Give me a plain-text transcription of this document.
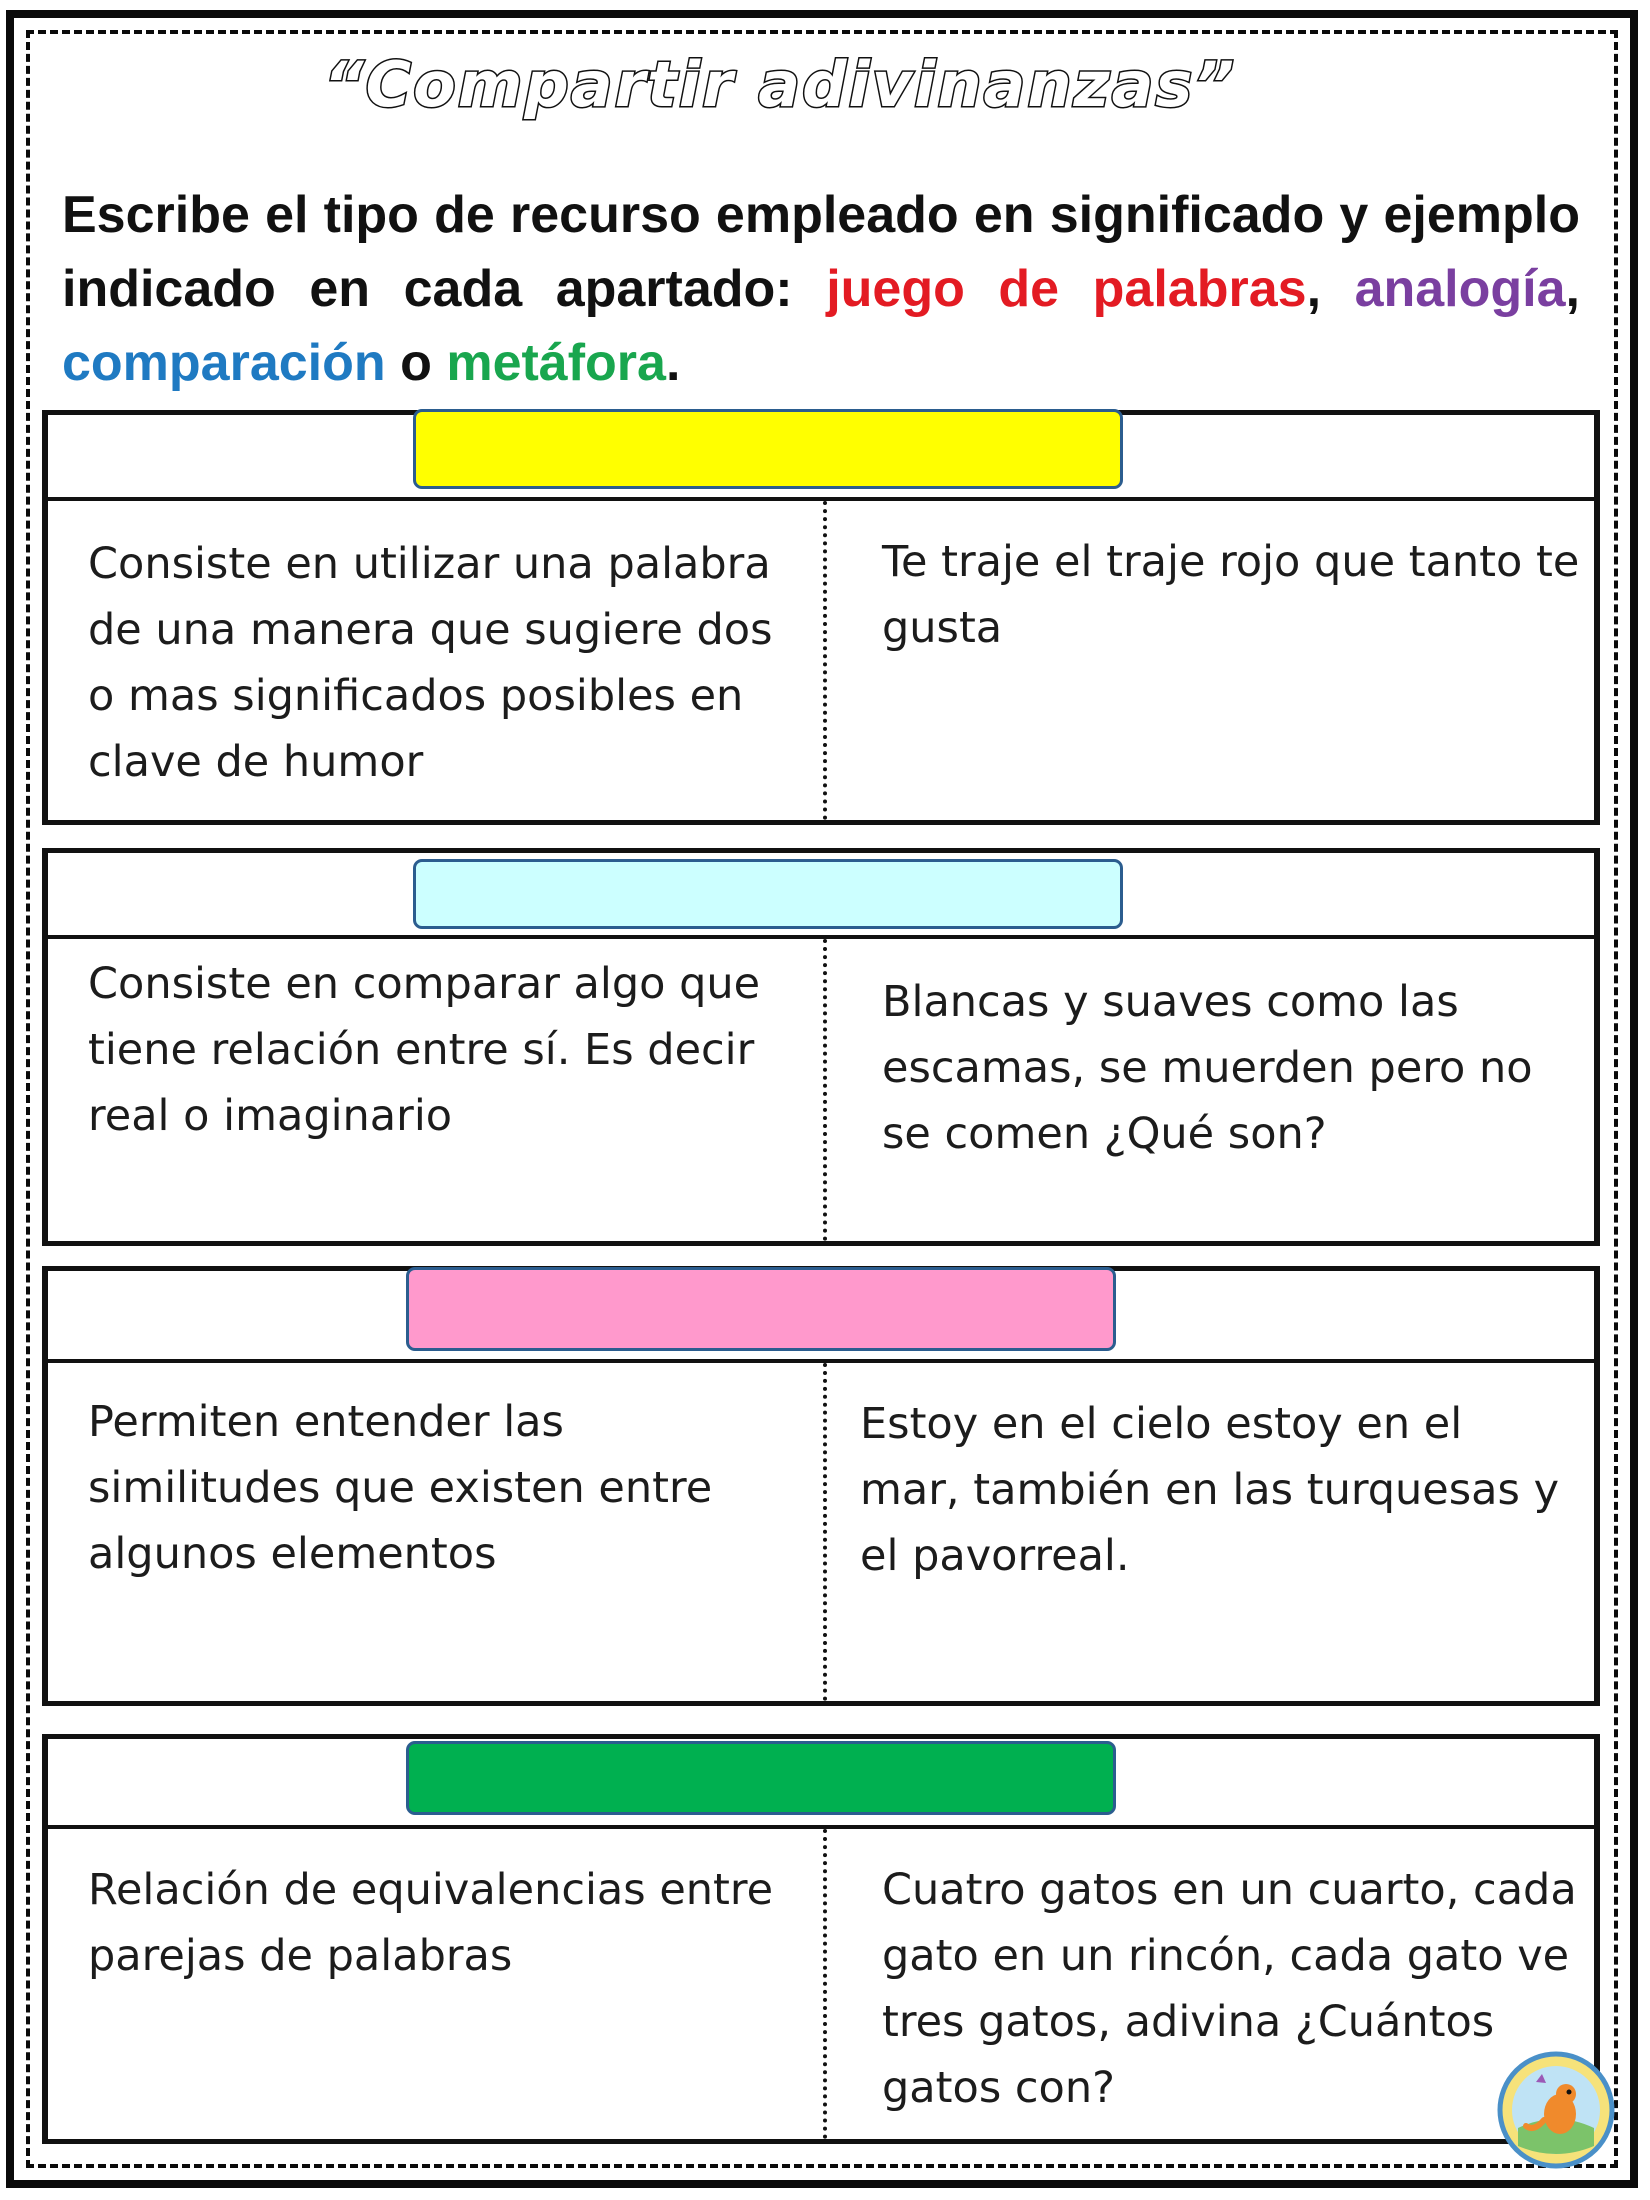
“Compartir adivinanzas”
Escribe el tipo de recurso empleado en significado y ejemplo indicado en cada apartado: juego de palabras, analogía, comparación o metáfora.
Consiste en utilizar una palabra de una manera que sugiere dos o mas significados posibles en clave de humor
Te traje el traje rojo que tanto te gusta
Consiste en comparar algo que tiene relación entre sí. Es decir real o imaginario
Blancas y suaves como las escamas, se muerden pero no se comen ¿Qué son?
Permiten entender las similitudes que existen entre algunos elementos
Estoy en el cielo estoy en el mar, también en las turquesas y el pavorreal.
Relación de equivalencias entre parejas de palabras
Cuatro gatos en un cuarto, cada gato en un rincón, cada gato ve tres gatos, adivina ¿Cuántos gatos con?
